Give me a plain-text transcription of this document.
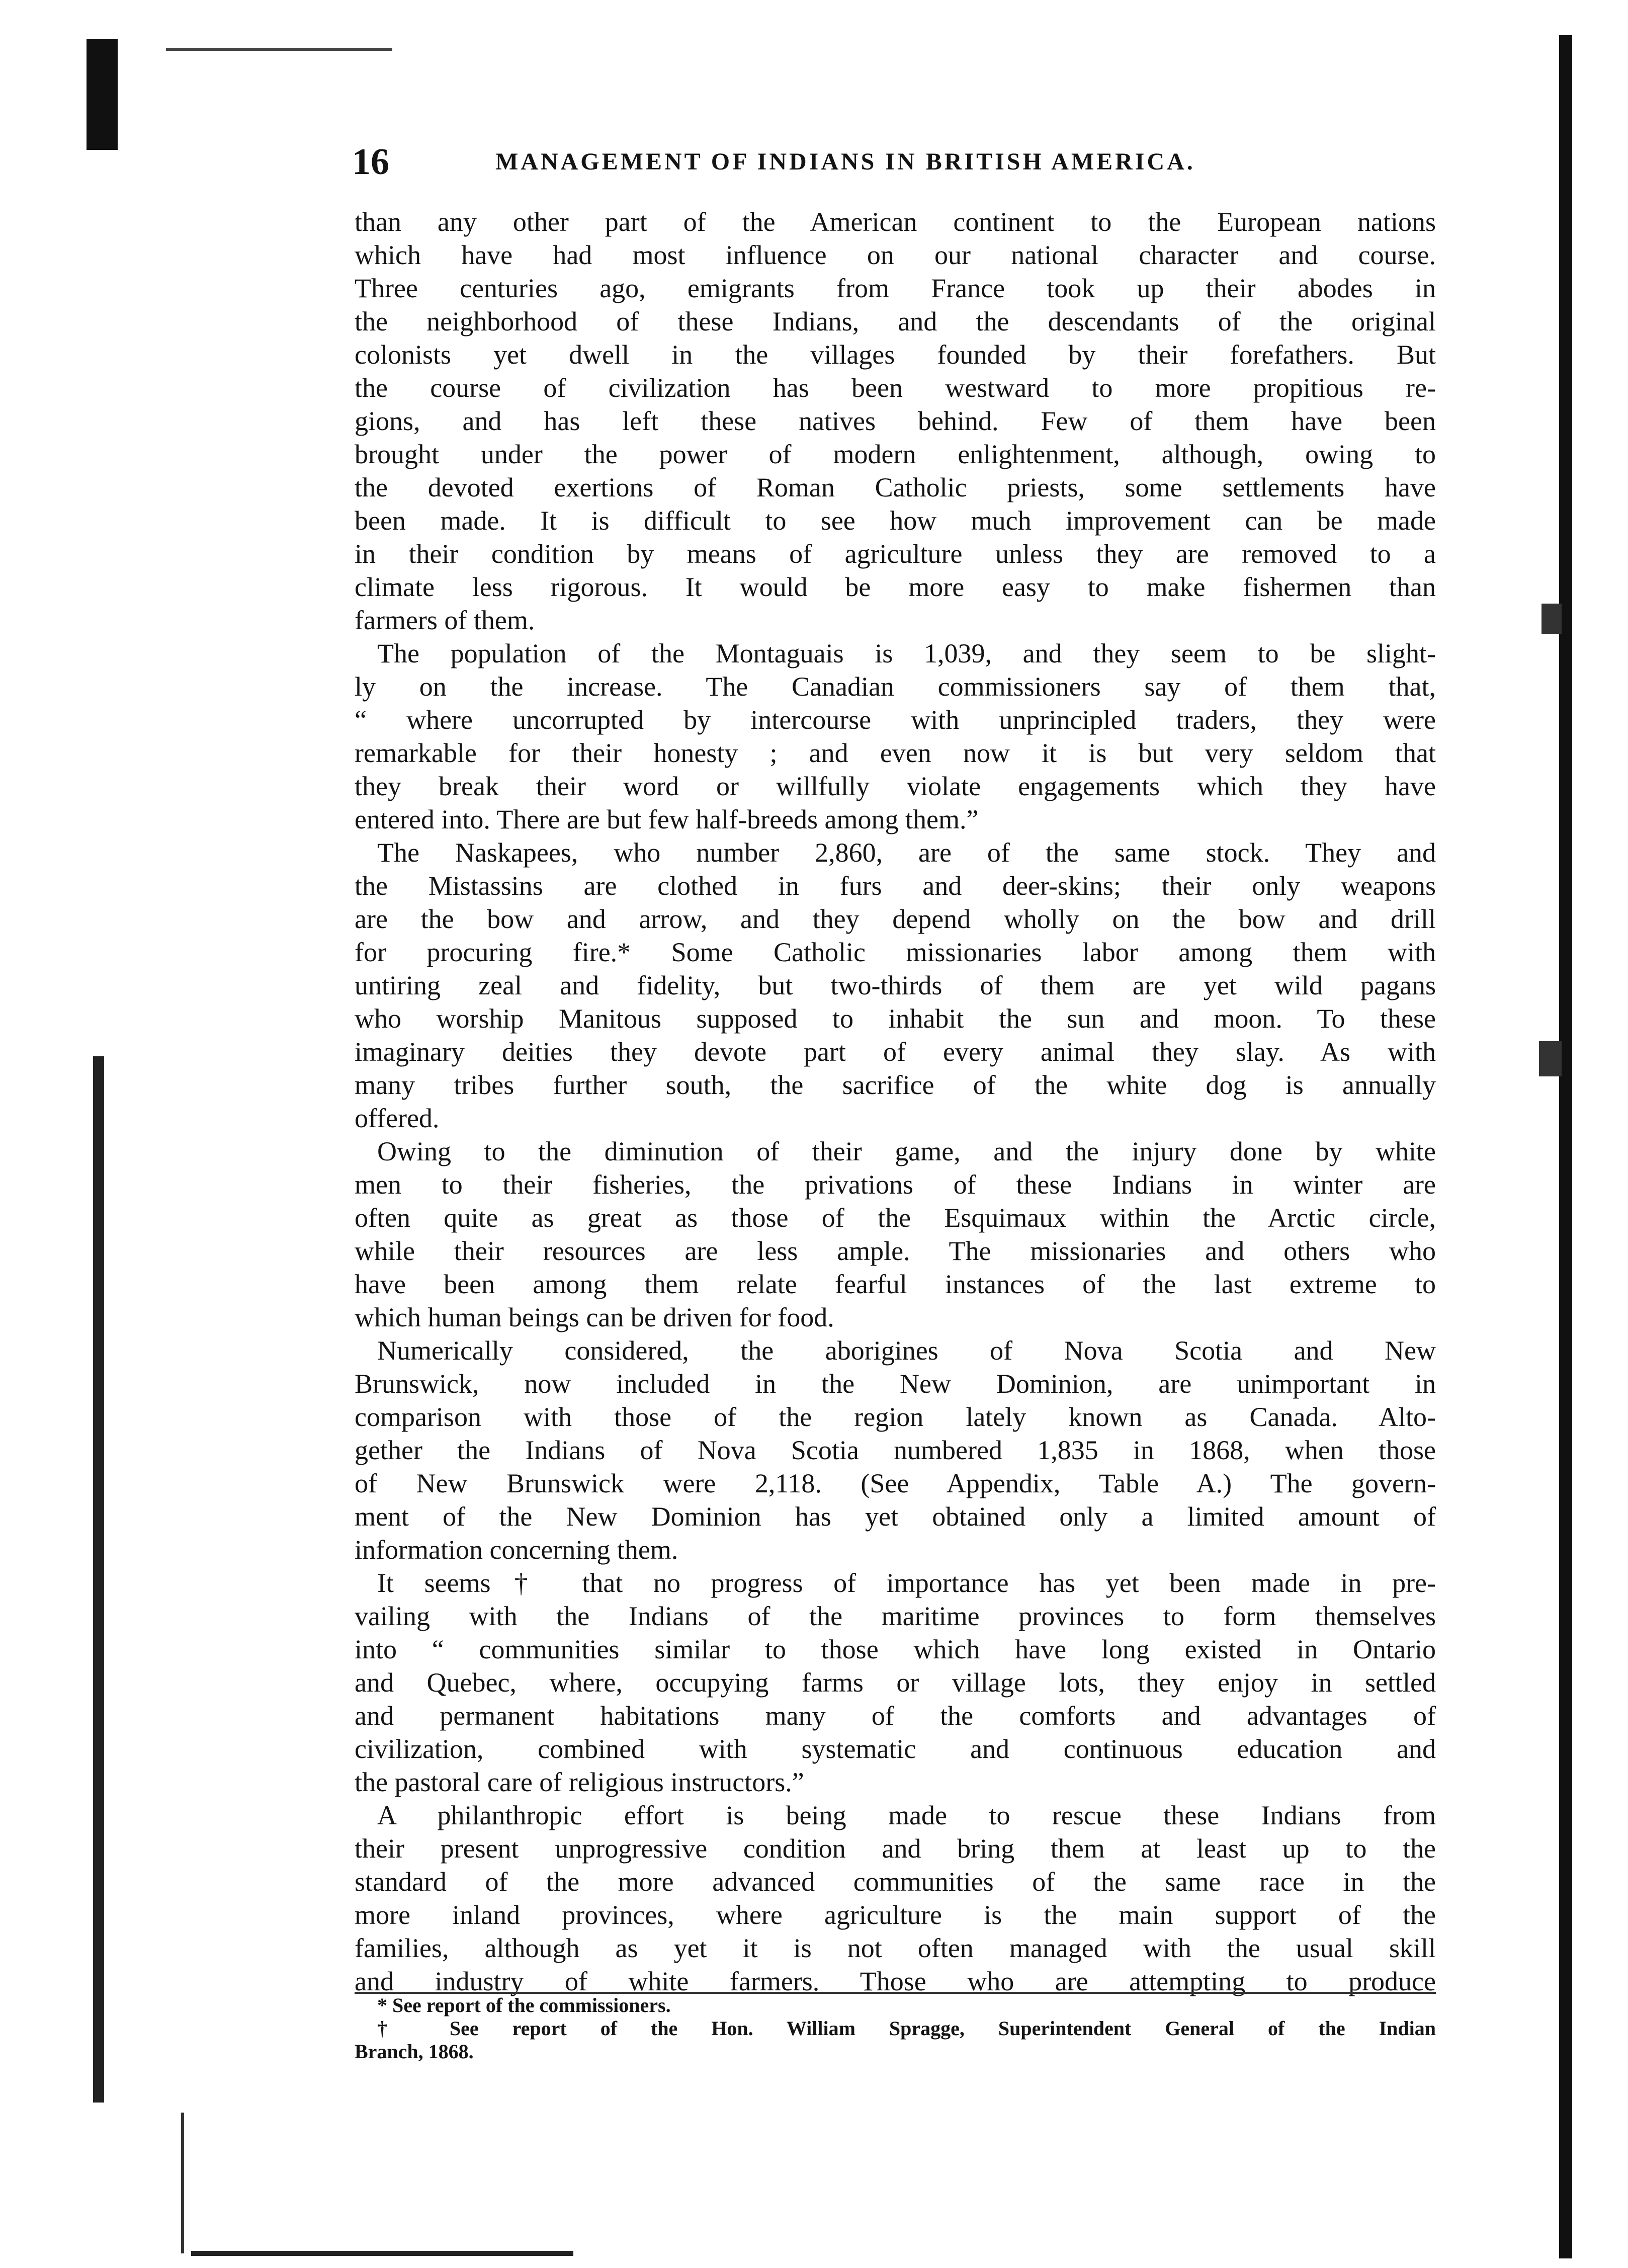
16	MANAGEMENT OF INDIANS IN BRITISH AMERICA.
than any other part of the American continent to the European nations
which have had most influence on our national character and course.
Three centuries ago, emigrants from France took up their abodes in
the neighborhood of these Indians, and the descendants of the original
colonists yet dwell in the villages founded by their forefathers. But
the course of civilization has been westward to more propitious re-
gions, and has left these natives behind. Few of them have been
brought under the power of modern enlightenment, although, owing to
the devoted exertions of Roman Catholic priests, some settlements have
been made. It is difficult to see how much improvement can be made
in their condition by means of agriculture unless they are removed to a
climate less rigorous. It would be more easy to make fishermen than
farmers of them.
The population of the Montaguais is 1,039, and they seem to be slight-
ly on the increase. The Canadian commissioners say of them that,
“ where uncorrupted by intercourse with unprincipled traders, they were
remarkable for their honesty ; and even now it is but very seldom that
they break their word or willfully violate engagements which they have
entered into. There are but few half-breeds among them.”
The Naskapees, who number 2,860, are of the same stock. They and
the Mistassins are clothed in furs and deer-skins; their only weapons
are the bow and arrow, and they depend wholly on the bow and drill
for procuring fire.* Some Catholic missionaries labor among them with
untiring zeal and fidelity, but two-thirds of them are yet wild pagans
who worship Manitous supposed to inhabit the sun and moon. To these
imaginary deities they devote part of every animal they slay. As with
many tribes further south, the sacrifice of the white dog is annually
offered.
Owing to the diminution of their game, and the injury done by white
men to their fisheries, the privations of these Indians in winter are
often quite as great as those of the Esquimaux within the Arctic circle,
while their resources are less ample. The missionaries and others who
have been among them relate fearful instances of the last extreme to
which human beings can be driven for food.
Numerically considered, the aborigines of Nova Scotia and New
Brunswick, now included in the New Dominion, are unimportant in
comparison with those of the region lately known as Canada. Alto-
gether the Indians of Nova Scotia numbered 1,835 in 1868, when those
of New Brunswick were 2,118. (See Appendix, Table A.) The govern-
ment of the New Dominion has yet obtained only a limited amount of
information concerning them.
It seems† that no progress of importance has yet been made in pre-
vailing with the Indians of the maritime provinces to form themselves
into “ communities similar to those which have long existed in Ontario
and Quebec, where, occupying farms or village lots, they enjoy in settled
and permanent habitations many of the comforts and advantages of
civilization, combined with systematic and continuous education and
the pastoral care of religious instructors.”
A philanthropic effort is being made to rescue these Indians from
their present unprogressive condition and bring them at least up to the
standard of the more advanced communities of the same race in the
more inland provinces, where agriculture is the main support of the
families, although as yet it is not often managed with the usual skill
and industry of white farmers. Those who are attempting to produce
* See report of the commissioners.
† See report of the Hon. William Spragge, Superintendent General of the Indian
Branch, 1868.
